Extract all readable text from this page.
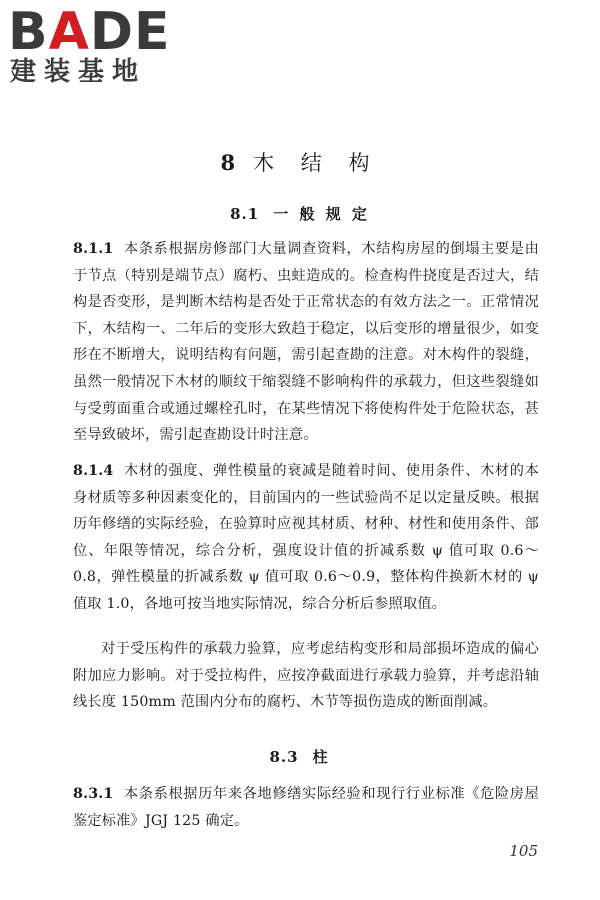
BADE
建装基地
8 木 结 构
8.1 一 般 规 定

8.1.1 本条系根据房修部门大量调查资料，木结构房屋的倒塌主要是由于节点（特别是端节点）腐朽、虫蛀造成的。检查构件挠度是否过大，结构是否变形，是判断木结构是否处于正常状态的有效方法之一。正常情况下，木结构一、二年后的变形大致趋于稳定，以后变形的增量很少，如变形在不断增大，说明结构有问题，需引起查勘的注意。对木构件的裂缝，虽然一般情况下木材的顺纹干缩裂缝不影响构件的承载力，但这些裂缝如与受剪面重合或通过螺栓孔时，在某些情况下将使构件处于危险状态，甚至导致破坏，需引起查勘设计时注意。

8.1.4 木材的强度、弹性模量的衰减是随着时间、使用条件、木材的本身材质等多种因素变化的，目前国内的一些试验尚不足以定量反映。根据历年修缮的实际经验，在验算时应视其材质、材种、材性和使用条件、部位、年限等情况，综合分析，强度设计值的折减系数 ψ 值可取 0.6～0.8，弹性模量的折减系数 ψ 值可取 0.6～0.9，整体构件换新木材的 ψ 值取 1.0，各地可按当地实际情况，综合分析后参照取值。

对于受压构件的承载力验算，应考虑结构变形和局部损坏造成的偏心附加应力影响。对于受拉构件，应按净截面进行承载力验算，并考虑沿轴线长度 150mm 范围内分布的腐朽、木节等损伤造成的断面削减。

8.3 柱

8.3.1 本条系根据历年来各地修缮实际经验和现行行业标准《危险房屋鉴定标准》JGJ 125 确定。

105
